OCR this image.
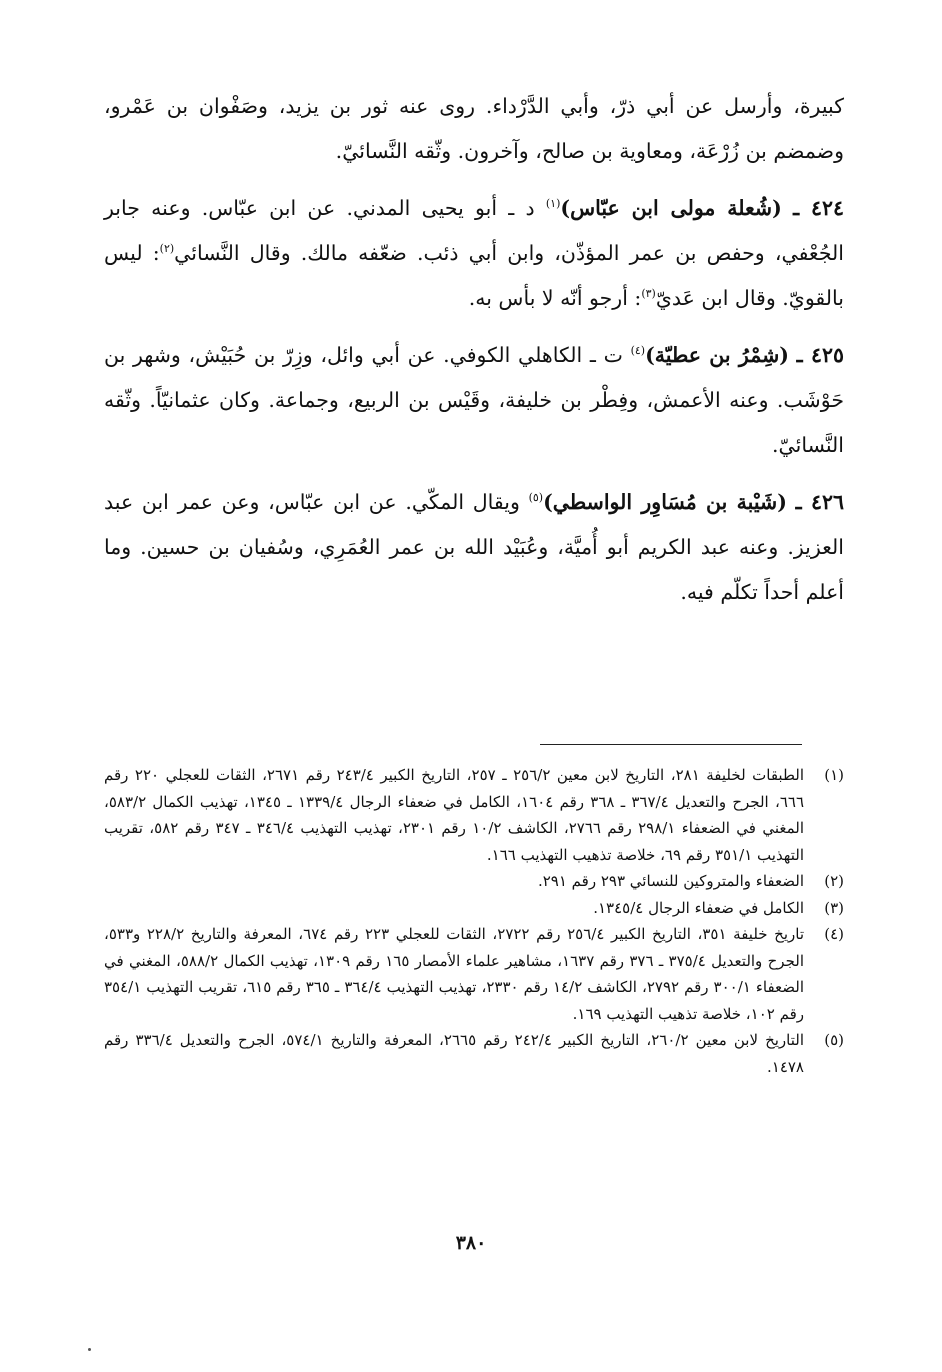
كبيرة، وأرسل عن أبي ذرّ، وأبي الدَّرْداء. روى عنه ثور بن يزيد، وصَفْوان بن عَمْرو، وضمضم بن زُرْعَة، ومعاوية بن صالح، وآخرون. وثّقه النَّسائيّ.

٤٢٤ ـ (شُعلة مولى ابن عبّاس)$^{(١)}$ د ـ أبو يحيى المدني. عن ابن عبّاس. وعنه جابر الجُعْفي، وحفص بن عمر المؤذّن، وابن أبي ذئب. ضعّفه مالك. وقال النَّسائي$^{(٢)}$: ليس بالقويّ. وقال ابن عَديّ$^{(٣)}$: أرجو أنّه لا بأس به.

٤٢٥ ـ (شِمْرُ بن عطيّة)$^{(٤)}$ ت ـ الكاهلي الكوفي. عن أبي وائل، وزِرّ بن حُبَيْش، وشهر بن حَوْشَب. وعنه الأعمش، وفِطْر بن خليفة، وقَيْس بن الربيع، وجماعة. وكان عثمانيّاً. وثّقه النَّسائيّ.

٤٢٦ ـ (شَيْبة بن مُسَاوِر الواسطي)$^{(٥)}$ ويقال المكّي. عن ابن عبّاس، وعن عمر ابن عبد العزيز. وعنه عبد الكريم أبو أُميَّة، وعُبَيْد الله بن عمر العُمَرِي، وسُفيان بن حسين. وما أعلم أحداً تكلّم فيه.

(١)
الطبقات لخليفة ٢٨١، التاريخ لابن معين ٢٥٦/٢ ـ ٢٥٧، التاريخ الكبير ٢٤٣/٤ رقم ٢٦٧١، الثقات للعجلي ٢٢٠ رقم ٦٦٦، الجرح والتعديل ٣٦٧/٤ ـ ٣٦٨ رقم ١٦٠٤، الكامل في ضعفاء الرجال ١٣٣٩/٤ ـ ١٣٤٥، تهذيب الكمال ٥٨٣/٢، المغني في الضعفاء ٢٩٨/١ رقم ٢٧٦٦، الكاشف ١٠/٢ رقم ٢٣٠١، تهذيب التهذيب ٣٤٦/٤ ـ ٣٤٧ رقم ٥٨٢، تقريب التهذيب ٣٥١/١ رقم ٦٩، خلاصة تذهيب التهذيب ١٦٦.
(٢)
الضعفاء والمتروكين للنسائي ٢٩٣ رقم ٢٩١.
(٣)
الكامل في ضعفاء الرجال ١٣٤٥/٤.
(٤)
تاريخ خليفة ٣٥١، التاريخ الكبير ٢٥٦/٤ رقم ٢٧٢٢، الثقات للعجلي ٢٢٣ رقم ٦٧٤، المعرفة والتاريخ ٢٢٨/٢ و٥٣٣، الجرح والتعديل ٣٧٥/٤ ـ ٣٧٦ رقم ١٦٣٧، مشاهير علماء الأمصار ١٦٥ رقم ١٣٠٩، تهذيب الكمال ٥٨٨/٢، المغني في الضعفاء ٣٠٠/١ رقم ٢٧٩٢، الكاشف ١٤/٢ رقم ٢٣٣٠، تهذيب التهذيب ٣٦٤/٤ ـ ٣٦٥ رقم ٦١٥، تقريب التهذيب ٣٥٤/١ رقم ١٠٢، خلاصة تذهيب التهذيب ١٦٩.
(٥)
التاريخ لابن معين ٢٦٠/٢، التاريخ الكبير ٢٤٢/٤ رقم ٢٦٦٥، المعرفة والتاريخ ٥٧٤/١، الجرح والتعديل ٣٣٦/٤ رقم ١٤٧٨.
٣٨٠
